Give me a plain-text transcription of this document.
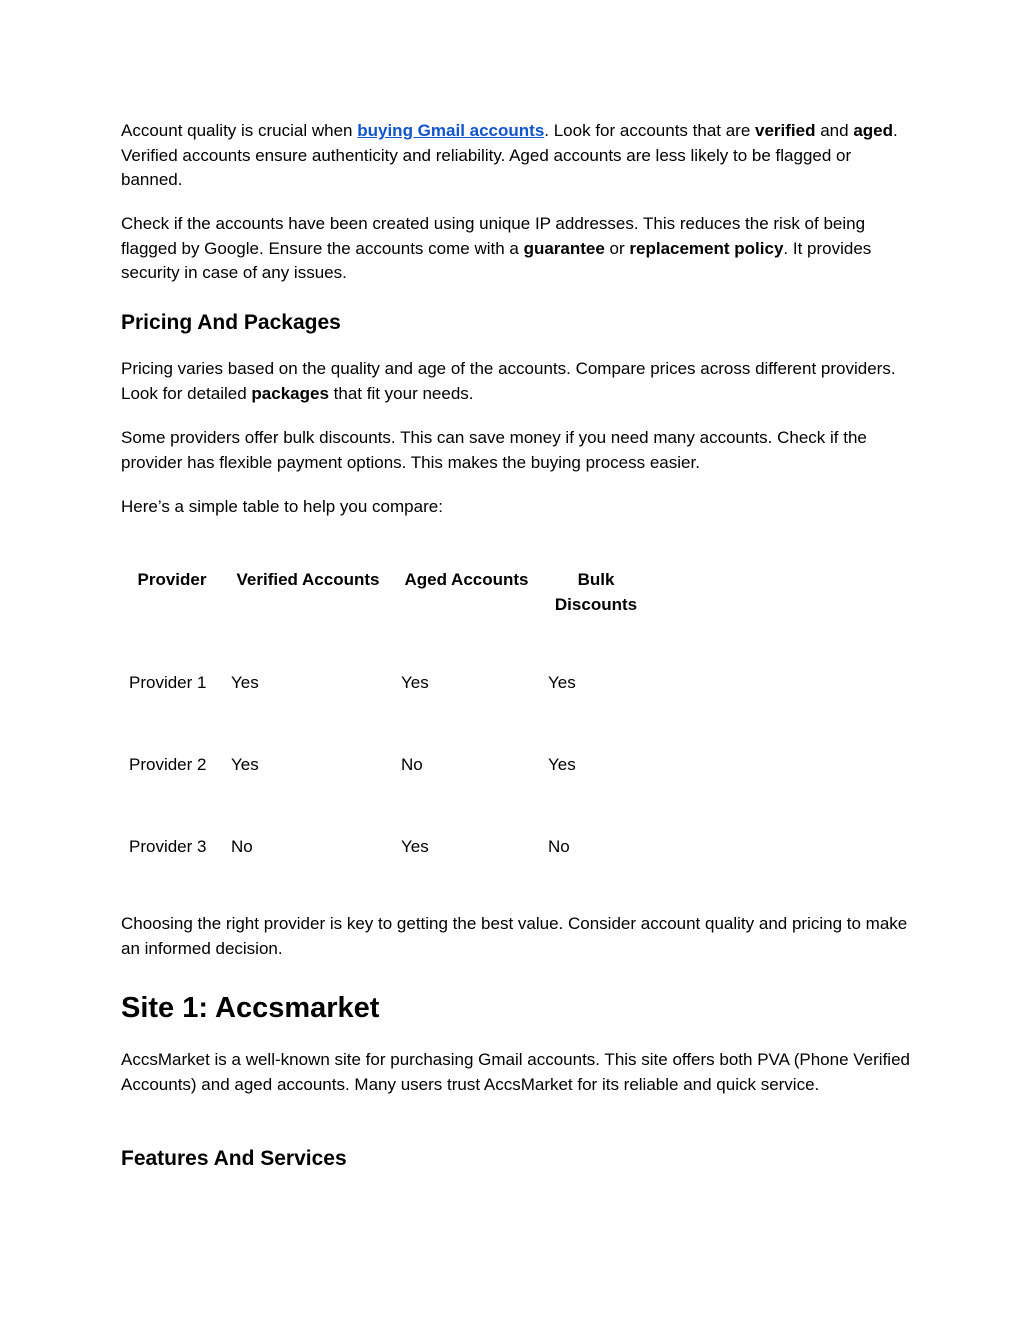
Account quality is crucial when buying Gmail accounts. Look for accounts that are verified and aged. Verified accounts ensure authenticity and reliability. Aged accounts are less likely to be flagged or banned.

Check if the accounts have been created using unique IP addresses. This reduces the risk of being flagged by Google. Ensure the accounts come with a guarantee or replacement policy. It provides security in case of any issues.

Pricing And Packages

Pricing varies based on the quality and age of the accounts. Compare prices across different providers. Look for detailed packages that fit your needs.

Some providers offer bulk discounts. This can save money if you need many accounts. Check if the provider has flexible payment options. This makes the buying process easier.

Here’s a simple table to help you compare:

Provider	Verified Accounts	Aged Accounts	Bulk Discounts
Provider 1	Yes	Yes	Yes
Provider 2	Yes	No	Yes
Provider 3	No	Yes	No

Choosing the right provider is key to getting the best value. Consider account quality and pricing to make an informed decision.

Site 1: Accsmarket

AccsMarket is a well-known site for purchasing Gmail accounts. This site offers both PVA (Phone Verified Accounts) and aged accounts. Many users trust AccsMarket for its reliable and quick service.

Features And Services
